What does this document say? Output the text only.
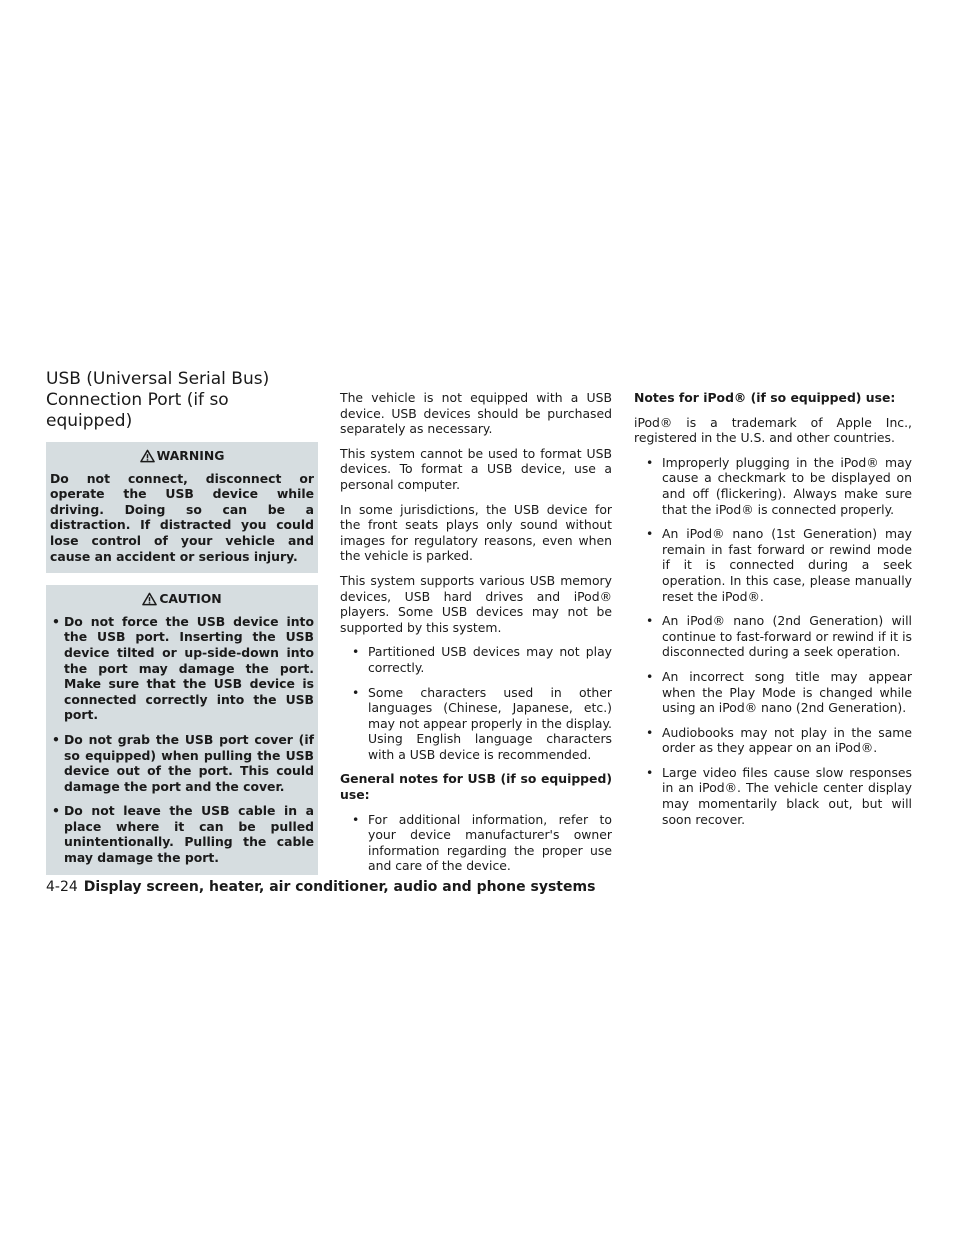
USB (Universal Serial Bus)
Connection Port (if so equipped)
WARNING

Do not connect, disconnect or operate the USB device while driving. Doing so can be a distraction. If distracted you could lose control of your vehicle and cause an accident or serious injury.

CAUTION
• Do not force the USB device into the USB port. Inserting the USB device tilted or up-side-down into the port may damage the port. Make sure that the USB device is connected correctly into the USB port.
• Do not grab the USB port cover (if so equipped) when pulling the USB device out of the port. This could damage the port and the cover.
• Do not leave the USB cable in a place where it can be pulled unintentionally. Pulling the cable may damage the port.

The vehicle is not equipped with a USB device. USB devices should be purchased separately as necessary.

This system cannot be used to format USB devices. To format a USB device, use a personal computer.

In some jurisdictions, the USB device for the front seats plays only sound without images for regulatory reasons, even when the vehicle is parked.

This system supports various USB memory devices, USB hard drives and iPod® players. Some USB devices may not be supported by this system.

• Partitioned USB devices may not play correctly.
• Some characters used in other languages (Chinese, Japanese, etc.) may not appear properly in the display. Using English language characters with a USB device is recommended.

General notes for USB (if so equipped) use:

• For additional information, refer to your device manufacturer's owner information regarding the proper use and care of the device.

Notes for iPod® (if so equipped) use:

iPod® is a trademark of Apple Inc., registered in the U.S. and other countries.

• Improperly plugging in the iPod® may cause a checkmark to be displayed on and off (flickering). Always make sure that the iPod® is connected properly.
• An iPod® nano (1st Generation) may remain in fast forward or rewind mode if it is connected during a seek operation. In this case, please manually reset the iPod®.
• An iPod® nano (2nd Generation) will continue to fast-forward or rewind if it is disconnected during a seek operation.
• An incorrect song title may appear when the Play Mode is changed while using an iPod® nano (2nd Generation).
• Audiobooks may not play in the same order as they appear on an iPod®.
• Large video files cause slow responses in an iPod®. The vehicle center display may momentarily black out, but will soon recover.
4-24 Display screen, heater, air conditioner, audio and phone systems
